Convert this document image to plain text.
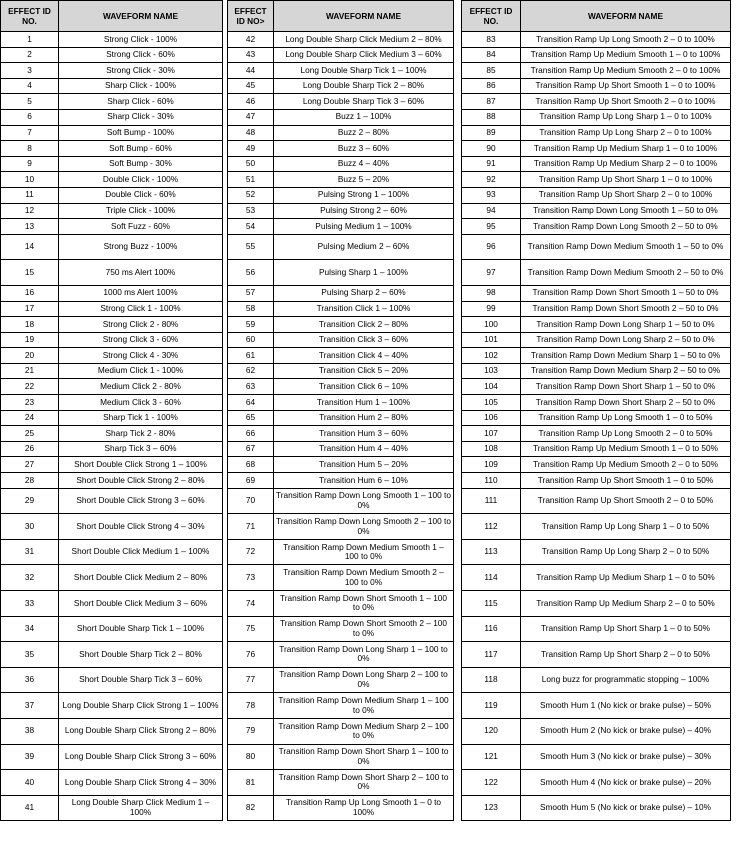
EFFECT ID NO.	WAVEFORM NAME
1	Strong Click - 100%
2	Strong Click - 60%
3	Strong Click - 30%
4	Sharp Click - 100%
5	Sharp Click - 60%
6	Sharp Click - 30%
7	Soft Bump - 100%
8	Soft Bump - 60%
9	Soft Bump - 30%
10	Double Click - 100%
11	Double Click - 60%
12	Triple Click - 100%
13	Soft Fuzz - 60%
14	Strong Buzz - 100%
15	750 ms Alert 100%
16	1000 ms Alert 100%
17	Strong Click 1 - 100%
18	Strong Click 2 - 80%
19	Strong Click 3 - 60%
20	Strong Click 4 - 30%
21	Medium Click 1 - 100%
22	Medium Click 2 - 80%
23	Medium Click 3 - 60%
24	Sharp Tick 1 - 100%
25	Sharp Tick 2 - 80%
26	Sharp Tick 3 – 60%
27	Short Double Click Strong 1 – 100%
28	Short Double Click Strong 2 – 80%
29	Short Double Click Strong 3 – 60%
30	Short Double Click Strong 4 – 30%
31	Short Double Click Medium 1 – 100%
32	Short Double Click Medium 2 – 80%
33	Short Double Click Medium 3 – 60%
34	Short Double Sharp Tick 1 – 100%
35	Short Double Sharp Tick 2 – 80%
36	Short Double Sharp Tick 3 – 60%
37	Long Double Sharp Click Strong 1 – 100%
38	Long Double Sharp Click Strong 2 – 80%
39	Long Double Sharp Click Strong 3 – 60%
40	Long Double Sharp Click Strong 4 – 30%
41	Long Double Sharp Click Medium 1 – 100%
EFFECT ID NO>	WAVEFORM NAME
42	Long Double Sharp Click Medium 2 – 80%
43	Long Double Sharp Click Medium 3 – 60%
44	Long Double Sharp Tick 1 – 100%
45	Long Double Sharp Tick 2 – 80%
46	Long Double Sharp Tick 3 – 60%
47	Buzz 1 – 100%
48	Buzz 2 – 80%
49	Buzz 3 – 60%
50	Buzz 4 – 40%
51	Buzz 5 – 20%
52	Pulsing Strong 1 – 100%
53	Pulsing Strong 2 – 60%
54	Pulsing Medium 1 – 100%
55	Pulsing Medium 2 – 60%
56	Pulsing Sharp 1 – 100%
57	Pulsing Sharp 2 – 60%
58	Transition Click 1 – 100%
59	Transition Click 2 – 80%
60	Transition Click 3 – 60%
61	Transition Click 4 – 40%
62	Transition Click 5 – 20%
63	Transition Click 6 – 10%
64	Transition Hum 1 – 100%
65	Transition Hum 2 – 80%
66	Transition Hum 3 – 60%
67	Transition Hum 4 – 40%
68	Transition Hum 5 – 20%
69	Transition Hum 6 – 10%
70	Transition Ramp Down Long Smooth 1 – 100 to 0%
71	Transition Ramp Down Long Smooth 2 – 100 to 0%
72	Transition Ramp Down Medium Smooth 1 – 100 to 0%
73	Transition Ramp Down Medium Smooth 2 – 100 to 0%
74	Transition Ramp Down Short Smooth 1 – 100 to 0%
75	Transition Ramp Down Short Smooth 2 – 100 to 0%
76	Transition Ramp Down Long Sharp 1 – 100 to 0%
77	Transition Ramp Down Long Sharp 2 – 100 to 0%
78	Transition Ramp Down Medium Sharp 1 – 100 to 0%
79	Transition Ramp Down Medium Sharp 2 – 100 to 0%
80	Transition Ramp Down Short Sharp 1 – 100 to 0%
81	Transition Ramp Down Short Sharp 2 – 100 to 0%
82	Transition Ramp Up Long Smooth 1 – 0 to 100%
EFFECT ID NO.	WAVEFORM NAME
83	Transition Ramp Up Long Smooth 2 – 0 to 100%
84	Transition Ramp Up Medium Smooth 1 – 0 to 100%
85	Transition Ramp Up Medium Smooth 2 – 0 to 100%
86	Transition Ramp Up Short Smooth 1 – 0 to 100%
87	Transition Ramp Up Short Smooth 2 – 0 to 100%
88	Transition Ramp Up Long Sharp 1 – 0 to 100%
89	Transition Ramp Up Long Sharp 2 – 0 to 100%
90	Transition Ramp Up Medium Sharp 1 – 0 to 100%
91	Transition Ramp Up Medium Sharp 2 – 0 to 100%
92	Transition Ramp Up Short Sharp 1 – 0 to 100%
93	Transition Ramp Up Short Sharp 2 – 0 to 100%
94	Transition Ramp Down Long Smooth 1 – 50 to 0%
95	Transition Ramp Down Long Smooth 2 – 50 to 0%
96	Transition Ramp Down Medium Smooth 1 – 50 to 0%
97	Transition Ramp Down Medium Smooth 2 – 50 to 0%
98	Transition Ramp Down Short Smooth 1 – 50 to 0%
99	Transition Ramp Down Short Smooth 2 – 50 to 0%
100	Transition Ramp Down Long Sharp 1 – 50 to 0%
101	Transition Ramp Down Long Sharp 2 – 50 to 0%
102	Transition Ramp Down Medium Sharp 1 – 50 to 0%
103	Transition Ramp Down Medium Sharp 2 – 50 to 0%
104	Transition Ramp Down Short Sharp 1 – 50 to 0%
105	Transition Ramp Down Short Sharp 2 – 50 to 0%
106	Transition Ramp Up Long Smooth 1 – 0 to 50%
107	Transition Ramp Up Long Smooth 2 – 0 to 50%
108	Transition Ramp Up Medium Smooth 1 – 0 to 50%
109	Transition Ramp Up Medium Smooth 2 – 0 to 50%
110	Transition Ramp Up Short Smooth 1 – 0 to 50%
111	Transition Ramp Up Short Smooth 2 – 0 to 50%
112	Transition Ramp Up Long Sharp 1 – 0 to 50%
113	Transition Ramp Up Long Sharp 2 – 0 to 50%
114	Transition Ramp Up Medium Sharp 1 – 0 to 50%
115	Transition Ramp Up Medium Sharp 2 – 0 to 50%
116	Transition Ramp Up Short Sharp 1 – 0 to 50%
117	Transition Ramp Up Short Sharp 2 – 0 to 50%
118	Long buzz for programmatic stopping – 100%
119	Smooth Hum 1 (No kick or brake pulse) – 50%
120	Smooth Hum 2 (No kick or brake pulse) – 40%
121	Smooth Hum 3 (No kick or brake pulse) – 30%
122	Smooth Hum 4 (No kick or brake pulse) – 20%
123	Smooth Hum 5 (No kick or brake pulse) – 10%
